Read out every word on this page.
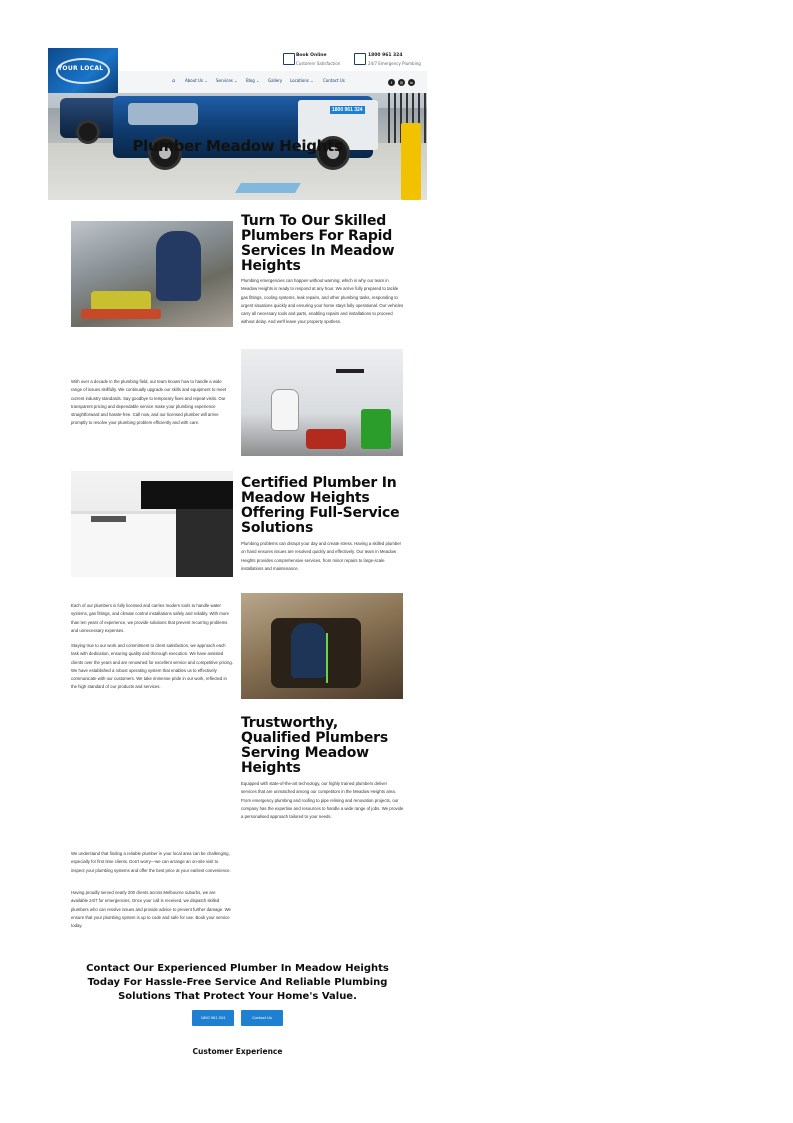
1800 961 324
YOUR LOCAL
Book Online
Customer Satisfaction
1800 961 324
24/7 Emergency Plumbing
⌂ About Us ⌄ Services ⌄ Blog ⌄ Gallery Locations ⌄ Contact Us	f	◎	in
Plumber Meadow Heights
Turn To Our Skilled Plumbers For Rapid Services In Meadow Heights
Plumbing emergencies can happen without warning, which is why our team in Meadow Heights is ready to respond at any hour. We arrive fully prepared to tackle gas fittings, cooling systems, leak repairs, and other plumbing tasks, responding to urgent situations quickly and ensuring your home stays fully operational. Our vehicles carry all necessary tools and parts, enabling repairs and installations to proceed without delay. And we'll leave your property spotless.
With over a decade in the plumbing field, our team knows how to handle a wide range of issues skillfully. We continually upgrade our skills and equipment to meet current industry standards. Say goodbye to temporary fixes and repeat visits. Our transparent pricing and dependable service make your plumbing experience straightforward and hassle-free. Call now, and our licensed plumber will arrive promptly to resolve your plumbing problem efficiently and with care.
Certified Plumber In Meadow Heights Offering Full-Service Solutions
Plumbing problems can disrupt your day and create stress. Having a skilled plumber on hand ensures issues are resolved quickly and effectively. Our team in Meadow Heights provides comprehensive services, from minor repairs to large-scale installations and maintenance.
Each of our plumbers is fully licensed and carries modern tools to handle water systems, gas fittings, and climate control installations safely and reliably. With more than ten years of experience, we provide solutions that prevent recurring problems and unnecessary expenses.
Staying true to our work and commitment to client satisfaction, we approach each task with dedication, ensuring quality and thorough execution. We have assisted clients over the years and are renowned for excellent service and competitive pricing. We have established a robust operating system that enables us to effectively communicate with our customers. We take immense pride in our work, reflected in the high standard of our products and services.
Trustworthy, Qualified Plumbers Serving Meadow Heights
Equipped with state-of-the-art technology, our highly trained plumbers deliver services that are unmatched among our competitors in the Meadow Heights area. From emergency plumbing and roofing to pipe relining and renovation projects, our company has the expertise and resources to handle a wide range of jobs. We provide a personalised approach tailored to your needs.
We understand that finding a reliable plumber in your local area can be challenging, especially for first time clients. Don't worry—we can arrange an on-site visit to inspect your plumbing systems and offer the best price at your earliest convenience.
Having proudly served nearly 200 clients across Melbourne suburbs, we are available 24/7 for emergencies. Once your call is received, we dispatch skilled plumbers who can resolve issues and provide advice to prevent further damage. We ensure that your plumbing system is up to code and safe for use. Book your service today.
Contact Our Experienced Plumber In Meadow Heights Today For Hassle-Free Service And Reliable Plumbing Solutions That Protect Your Home's Value.
1800 961 324	Contact Us
Customer Experience
